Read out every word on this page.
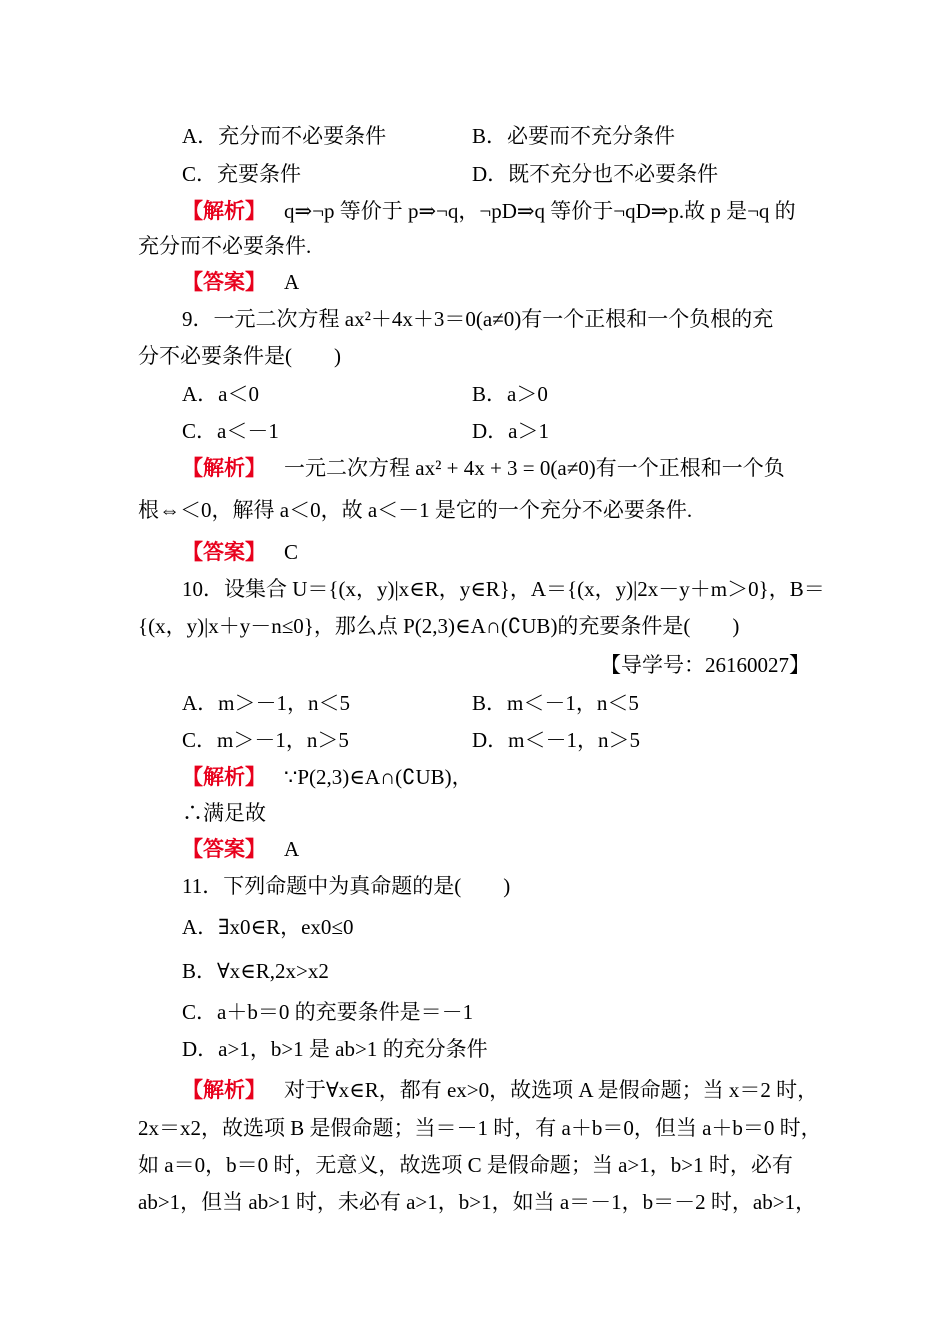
A．充分而不必要条件	B．必要而不充分条件
C．充要条件	D．既不充分也不必要条件
【解析】 q⇒¬p 等价于 p⇒¬q，¬pD⇒q 等价于¬qD⇒p.故 p 是¬q 的
充分而不必要条件.
【答案】 A
9．一元二次方程 ax²＋4x＋3＝0(a≠0)有一个正根和一个负根的充
分不必要条件是(　　)
A．a＜0	B．a＞0
C．a＜－1	D．a＞1
【解析】 一元二次方程 ax² + 4x + 3 = 0(a≠0)有一个正根和一个负
根⇔＜0，解得 a＜0，故 a＜－1 是它的一个充分不必要条件.
【答案】 C
10．设集合 U＝{(x，y)|x∈R，y∈R}，A＝{(x，y)|2x－y＋m＞0}，B＝
{(x，y)|x＋y－n≤0}，那么点 P(2,3)∈A∩(∁UB)的充要条件是(　　)
【导学号：26160027】
A．m＞－1，n＜5	B．m＜－1，n＜5
C．m＞－1，n＞5	D．m＜－1，n＞5
【解析】 ∵P(2,3)∈A∩(∁UB)，
∴满足故
【答案】 A
11．下列命题中为真命题的是(　　)
A．∃x0∈R，ex0≤0
B．∀x∈R,2x>x2
C．a＋b＝0 的充要条件是＝－1
D．a>1，b>1 是 ab>1 的充分条件
【解析】 对于∀x∈R，都有 ex>0，故选项 A 是假命题；当 x＝2 时，
2x＝x2，故选项 B 是假命题；当＝－1 时，有 a＋b＝0，但当 a＋b＝0 时，
如 a＝0，b＝0 时，无意义，故选项 C 是假命题；当 a>1，b>1 时，必有
ab>1，但当 ab>1 时，未必有 a>1，b>1，如当 a＝－1，b＝－2 时，ab>1，
